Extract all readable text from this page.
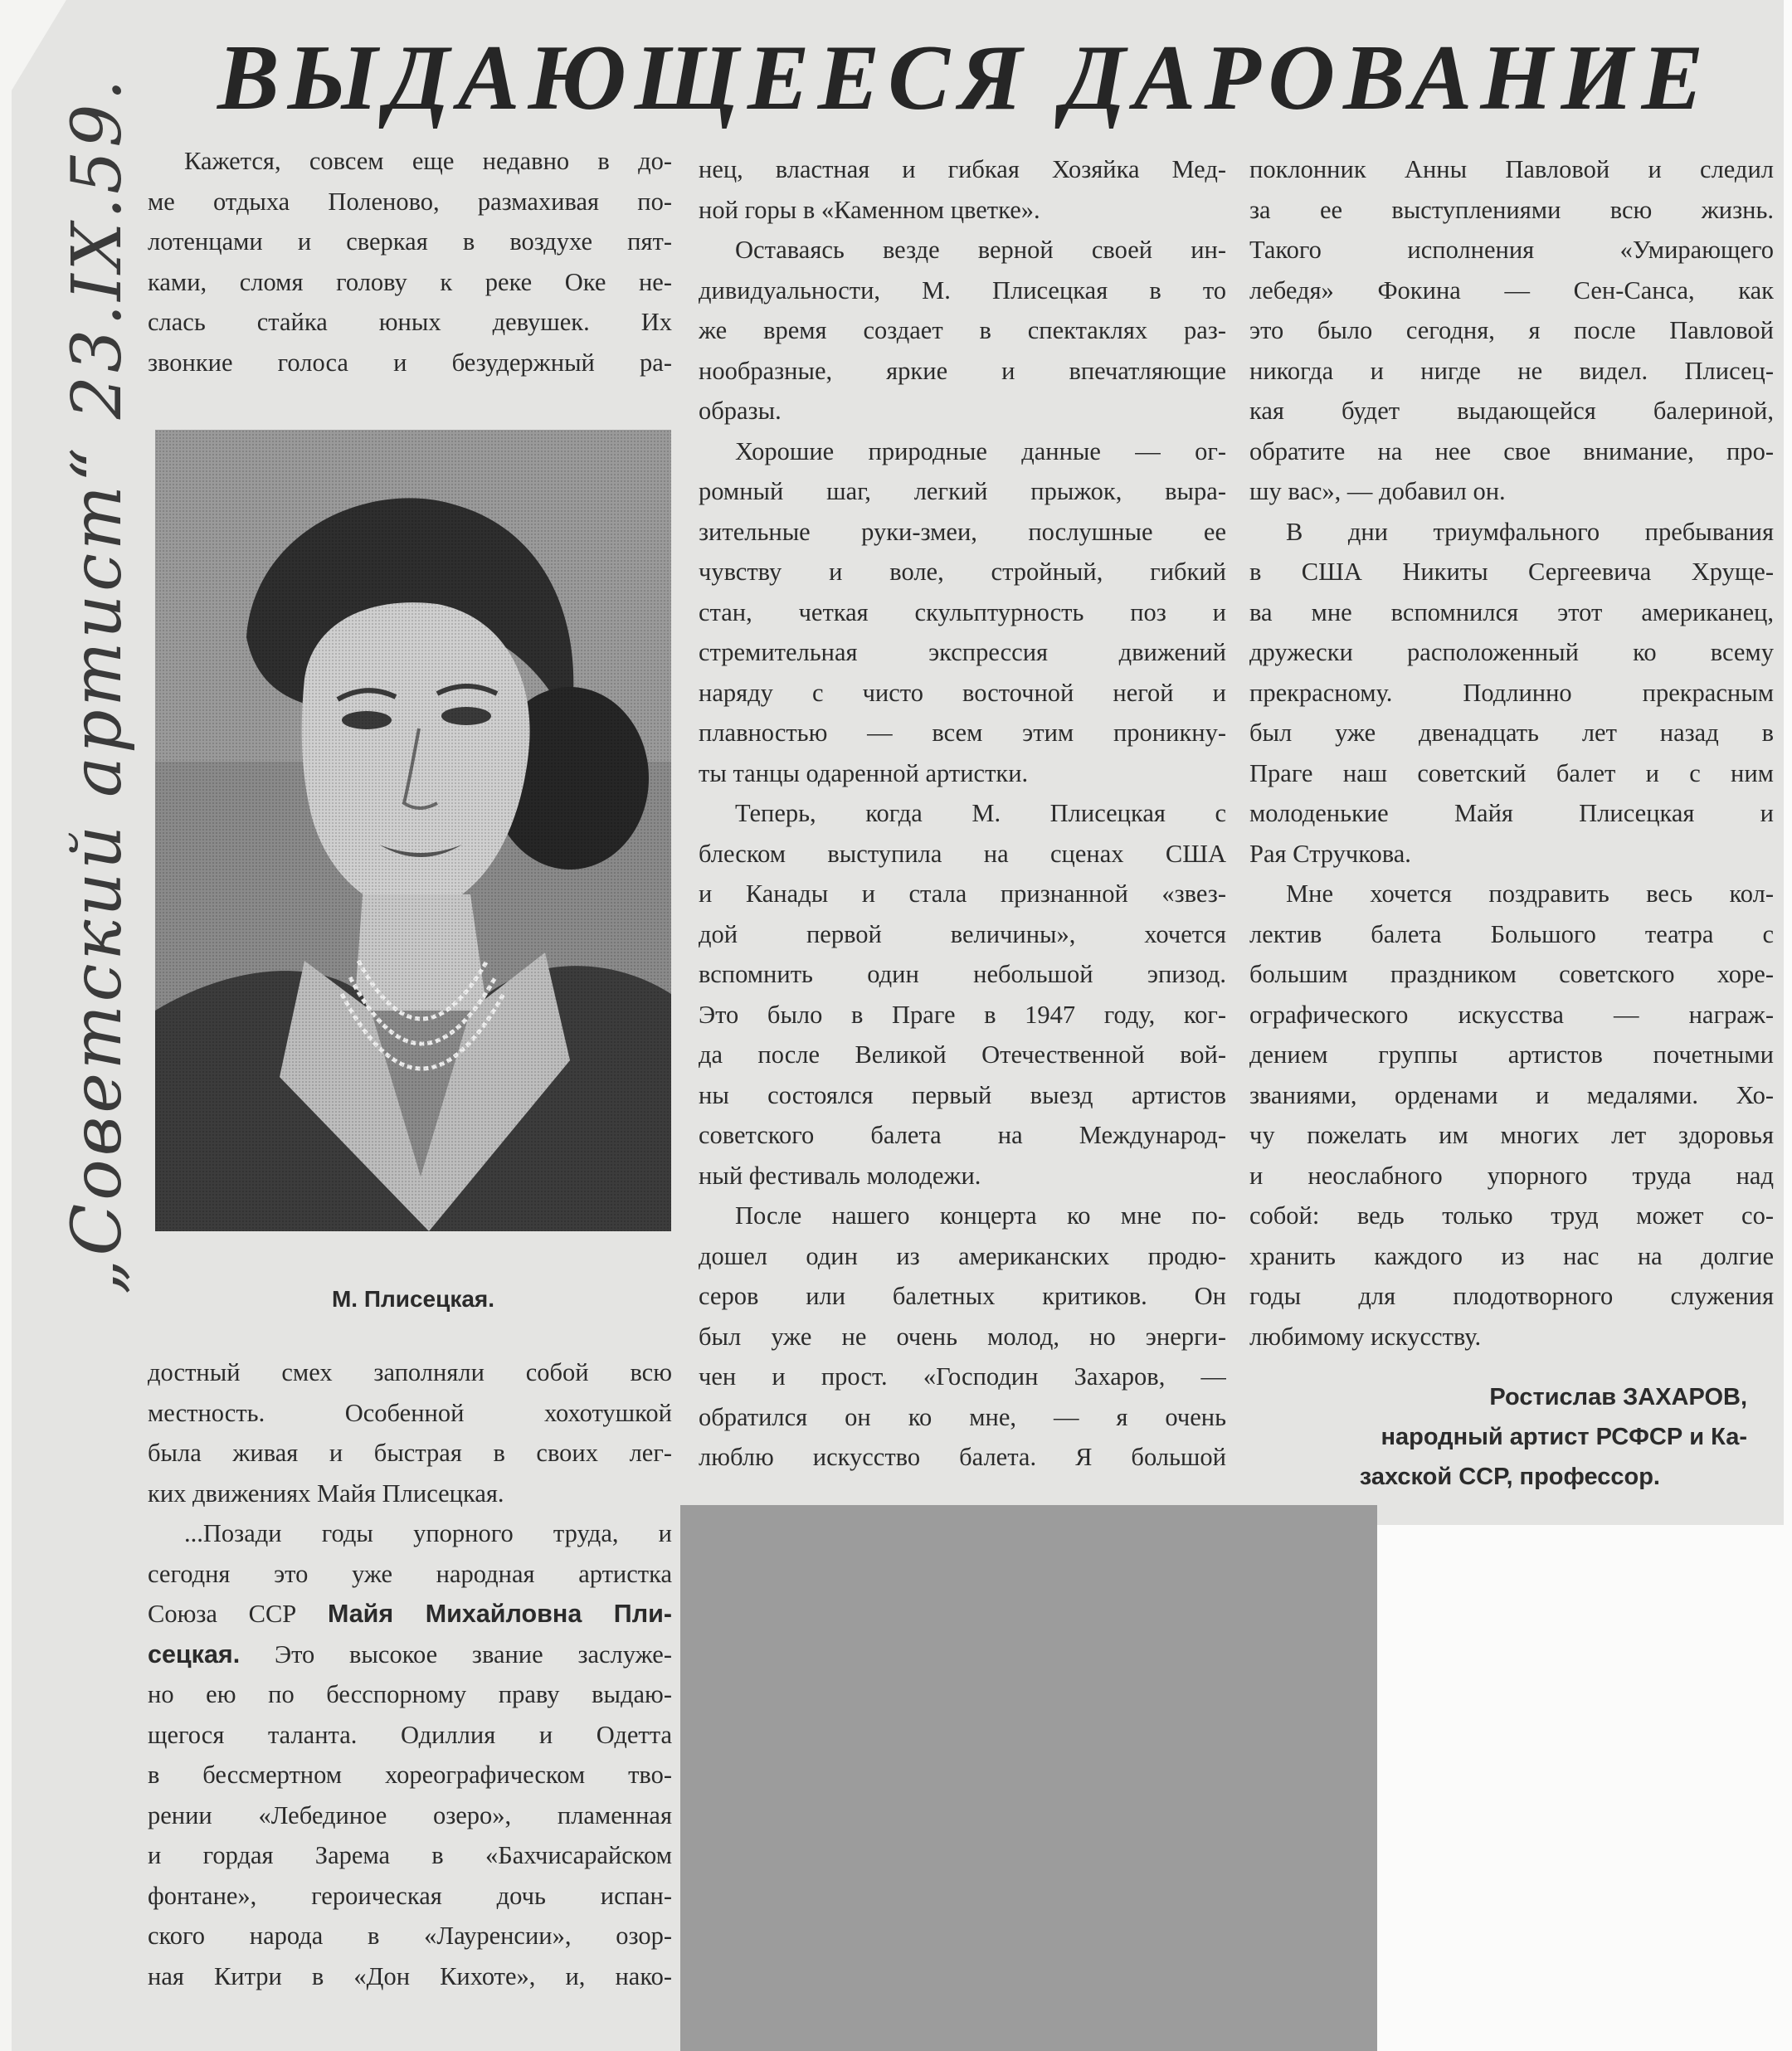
ВЫДАЮЩЕЕСЯ ДАРОВАНИЕ
„Советский артист“ 23.IX.59.	Кажется, совсем еще недавно в до-
ме отдыха Поленово, размахивая по-
лотенцами и сверкая в воздухе пят-
ками, сломя голову к реке Оке не-
слась стайка юных девушек. Их
звонкие голоса и безудержный ра-
М. Плисецкая.
достный смех заполняли собой всю
местность. Особенной хохотушкой
была живая и быстрая в своих лег-
ких движениях Майя Плисецкая.
...Позади годы упорного труда, и
сегодня это уже народная артистка
Союза ССР Майя Михайловна Пли-
сецкая. Это высокое звание заслуже-
но ею по бесспорному праву выдаю-
щегося таланта. Одиллия и Одетта
в бессмертном хореографическом тво-
рении «Лебединое озеро», пламенная
и гордая Зарема в «Бахчисарайском
фонтане», героическая дочь испан-
ского народа в «Лауренсии», озор-
ная Китри в «Дон Кихоте», и, нако-
нец, властная и гибкая Хозяйка Мед-
ной горы в «Каменном цветке».
Оставаясь везде верной своей ин-
дивидуальности, М. Плисецкая в то
же время создает в спектаклях раз-
нообразные, яркие и впечатляющие
образы.
Хорошие природные данные — ог-
ромный шаг, легкий прыжок, выра-
зительные руки-змеи, послушные ее
чувству и воле, стройный, гибкий
стан, четкая скульптурность поз и
стремительная экспрессия движений
наряду с чисто восточной негой и
плавностью — всем этим проникну-
ты танцы одаренной артистки.
Теперь, когда М. Плисецкая с
блеском выступила на сценах США
и Канады и стала признанной «звез-
дой первой величины», хочется
вспомнить один небольшой эпизод.
Это было в Праге в 1947 году, ког-
да после Великой Отечественной вой-
ны состоялся первый выезд артистов
советского балета на Международ-
ный фестиваль молодежи.
После нашего концерта ко мне по-
дошел один из американских продю-
серов или балетных критиков. Он
был уже не очень молод, но энерги-
чен и прост. «Господин Захаров, —
обратился он ко мне, — я очень
люблю искусство балета. Я большой
поклонник Анны Павловой и следил
за ее выступлениями всю жизнь.
Такого исполнения «Умирающего
лебедя» Фокина — Сен-Санса, как
это было сегодня, я после Павловой
никогда и нигде не видел. Плисец-
кая будет выдающейся балериной,
обратите на нее свое внимание, про-
шу вас», — добавил он.
В дни триумфального пребывания
в США Никиты Сергеевича Хруще-
ва мне вспомнился этот американец,
дружески расположенный ко всему
прекрасному. Подлинно прекрасным
был уже двенадцать лет назад в
Праге наш советский балет и с ним
молоденькие Майя Плисецкая и
Рая Стручкова.
Мне хочется поздравить весь кол-
лектив балета Большого театра с
большим праздником советского хоре-
ографического искусства — награж-
дением группы артистов почетными
званиями, орденами и медалями. Хо-
чу пожелать им многих лет здоровья
и неослабного упорного труда над
собой: ведь только труд может со-
хранить каждого из нас на долгие
годы для плодотворного служения
любимому искусству.
Ростислав ЗАХАРОВ,
народный артист РСФСР и Ка-
захской ССР, профессор.
